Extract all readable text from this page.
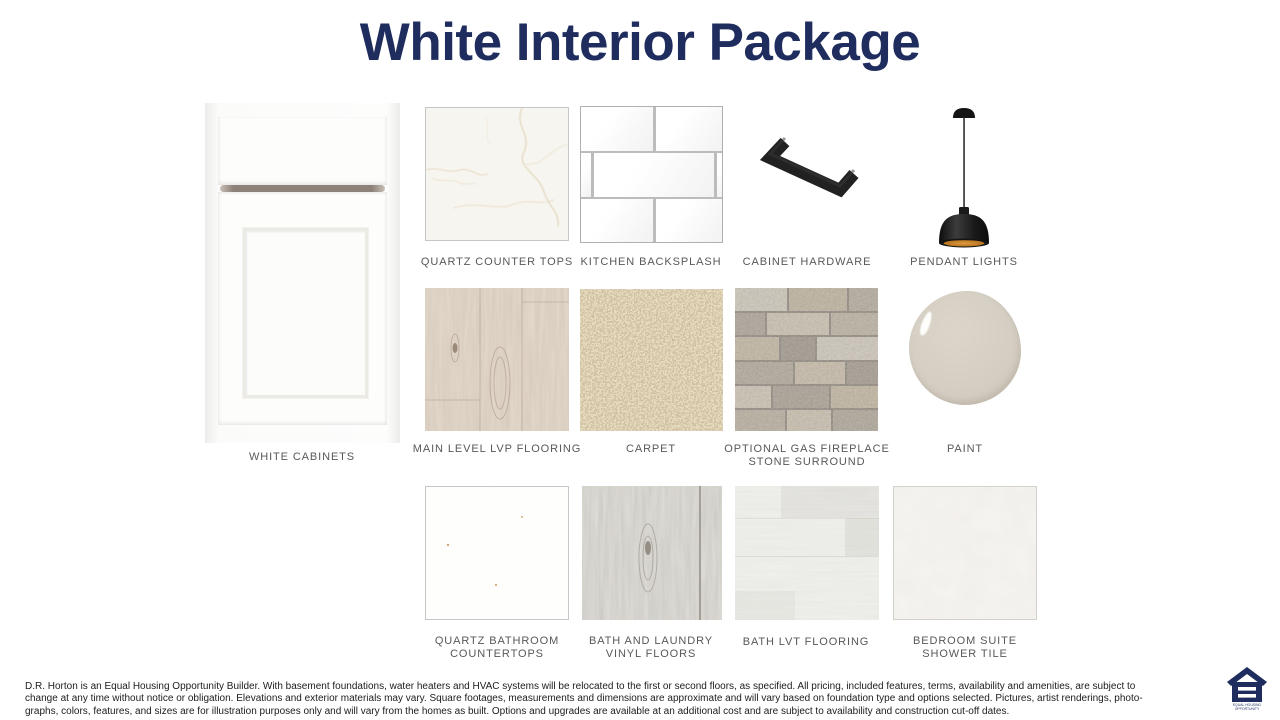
White Interior Package
WHITE CABINETS
QUARTZ COUNTER TOPS KITCHEN BACKSPLASH	CABINET HARDWARE	PENDANT LIGHTS
MAIN LEVEL LVP FLOORING	CARPET	OPTIONAL GAS FIREPLACE
STONE SURROUND
PAINT
QUARTZ BATHROOM
COUNTERTOPS
BATH AND LAUNDRY
VINYL FLOORS
BATH LVT FLOORING	BEDROOM SUITE
SHOWER TILE
D.R. Horton is an Equal Housing Opportunity Builder. With basement foundations, water heaters and HVAC systems will be relocated to the first or second floors, as specified. All pricing, included features, terms, availability and amenities, are subject to
change at any time without notice or obligation. Elevations and exterior materials may vary. Square footages, measurements and dimensions are approximate and will vary based on foundation type and options selected. Pictures, artist renderings, photo-
graphs, colors, features, and sizes are for illustration purposes only and will vary from the homes as built. Options and upgrades are available at an additional cost and are subject to availability and construction cut-off dates.
EQUAL HOUSING
OPPORTUNITY
